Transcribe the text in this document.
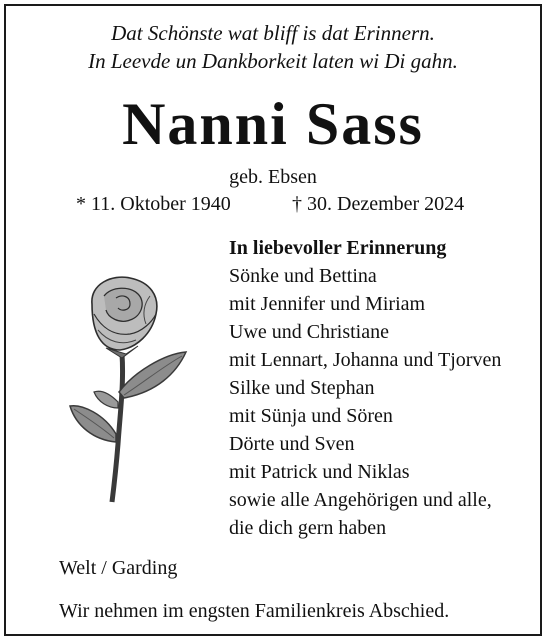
Dat Schönste wat bliff is dat Erinnern.
In Leevde un Dankborkeit laten wi Di gahn.
Nanni Sass
geb. Ebsen
* 11. Oktober 1940	† 30. Dezember 2024
In liebevoller Erinnerung
Sönke und Bettina
mit Jennifer und Miriam
Uwe und Christiane
mit Lennart, Johanna und Tjorven
Silke und Stephan
mit Sünja und Sören
Dörte und Sven
mit Patrick und Niklas
sowie alle Angehörigen und alle,
die dich gern haben
Welt / Garding
Wir nehmen im engsten Familienkreis Abschied.
